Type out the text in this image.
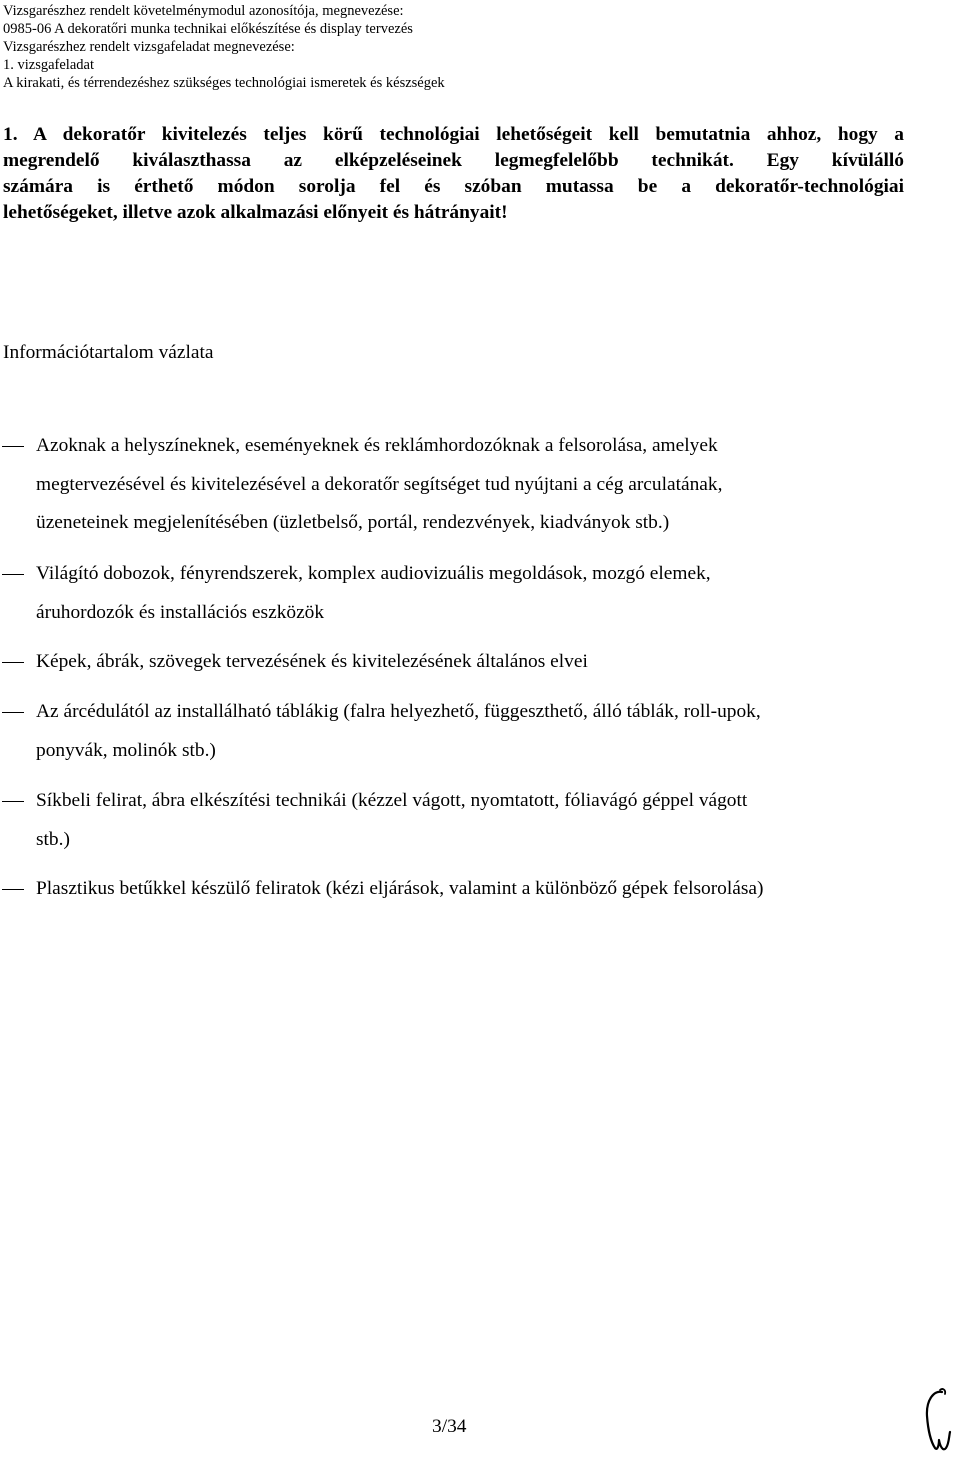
Vizsgarészhez rendelt követelménymodul azonosítója, megnevezése:
0985-06 A dekoratőri munka technikai előkészítése és display tervezés
Vizsgarészhez rendelt vizsgafeladat megnevezése:
1. vizsgafeladat
A kirakati, és térrendezéshez szükséges technológiai ismeretek és készségek
1. A dekoratőr kivitelezés teljes körű technológiai lehetőségeit kell bemutatnia ahhoz, hogy a
megrendelő kiválaszthassa az elképzeléseinek legmegfelelőbb technikát. Egy kívülálló
számára is érthető módon sorolja fel és szóban mutassa be a dekoratőr-technológiai
lehetőségeket, illetve azok alkalmazási előnyeit és hátrányait!
Információtartalom vázlata
Azoknak a helyszíneknek, eseményeknek és reklámhordozóknak a felsorolása, amelyek
megtervezésével és kivitelezésével a dekoratőr segítséget tud nyújtani a cég arculatának,
üzeneteinek megjelenítésében (üzletbelső, portál, rendezvények, kiadványok stb.)
Világító dobozok, fényrendszerek, komplex audiovizuális megoldások, mozgó elemek,
áruhordozók és installációs eszközök
Képek, ábrák, szövegek tervezésének és kivitelezésének általános elvei
Az árcédulától az installálható táblákig (falra helyezhető, függeszthető, álló táblák, roll-upok,
ponyvák, molinók stb.)
Síkbeli felirat, ábra elkészítési technikái (kézzel vágott, nyomtatott, fóliavágó géppel vágott
stb.)
Plasztikus betűkkel készülő feliratok (kézi eljárások, valamint a különböző gépek felsorolása)
3/34
